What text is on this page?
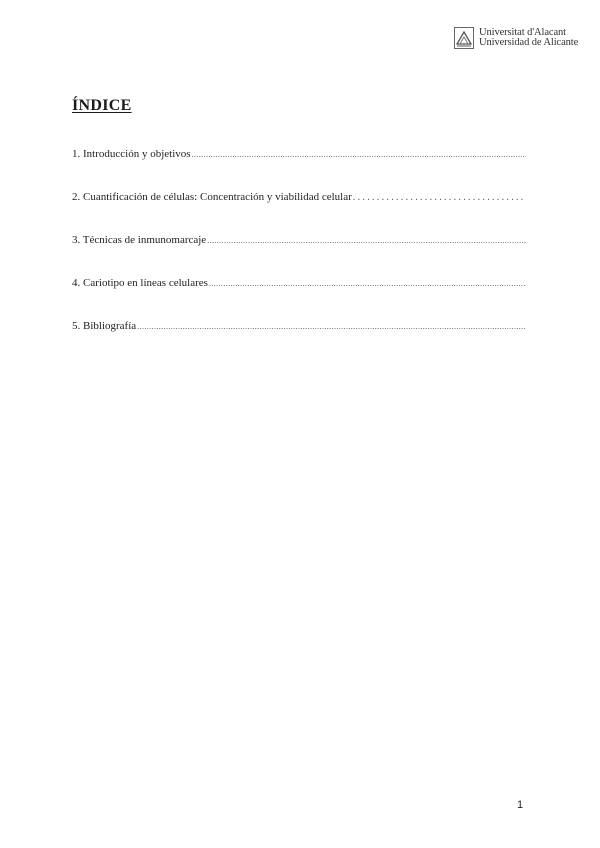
Universitat d'Alacant
Universidad de Alicante
ÍNDICE
1. Introducción y objetivos
.....
2. Cuantificación de células: Concentración y viabilidad celular
.....
3. Técnicas de inmunomarcaje
.....
4. Cariotipo en líneas celulares
.....
5. Bibliografía
.....
1
